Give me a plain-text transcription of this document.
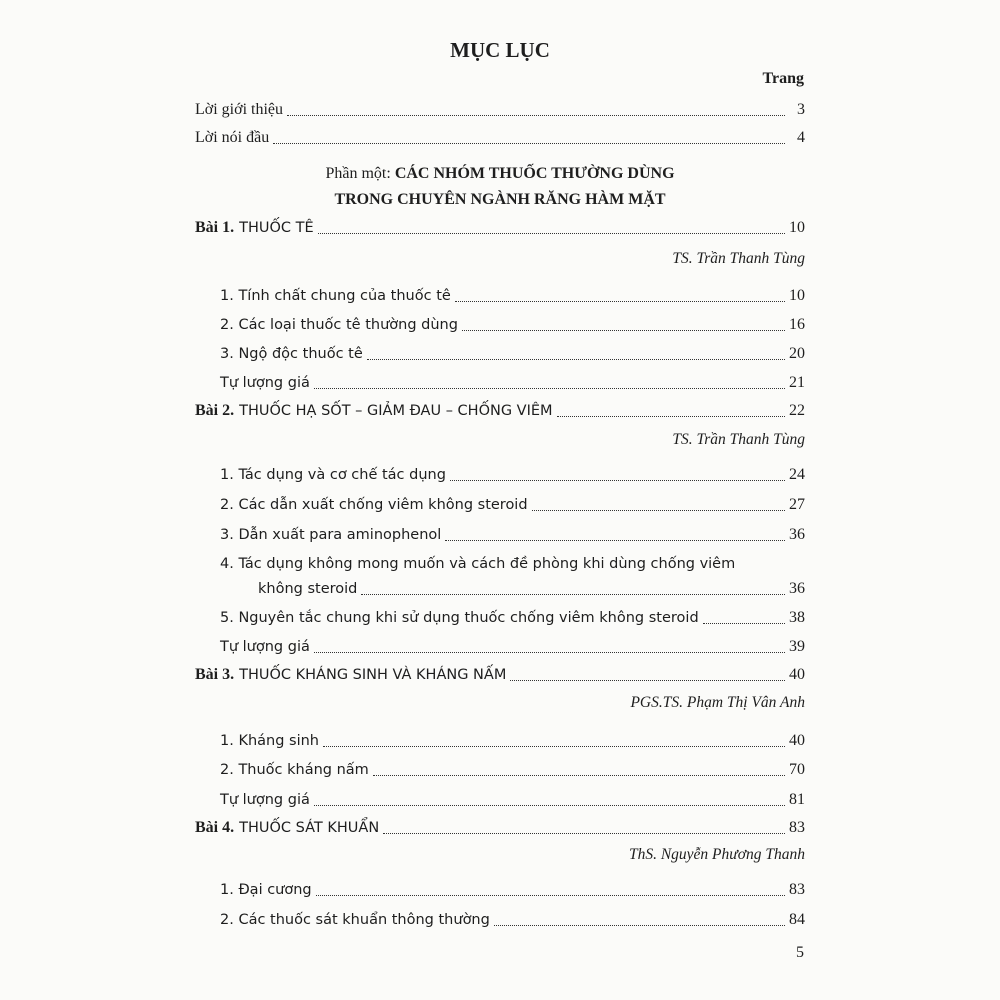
MỤC LỤC
Trang
Lời giới thiệu	3
Lời nói đầu	4
Phần một: CÁC NHÓM THUỐC THƯỜNG DÙNG
TRONG CHUYÊN NGÀNH RĂNG HÀM MẶT
Bài 1. THUỐC TÊ	10
TS. Trần Thanh Tùng
1. Tính chất chung của thuốc tê	10
2. Các loại thuốc tê thường dùng	16
3. Ngộ độc thuốc tê	20
Tự lượng giá	21
Bài 2. THUỐC HẠ SỐT – GIẢM ĐAU – CHỐNG VIÊM	22
TS. Trần Thanh Tùng
1. Tác dụng và cơ chế tác dụng	24
2. Các dẫn xuất chống viêm không steroid	27
3. Dẫn xuất para aminophenol	36
4. Tác dụng không mong muốn và cách đề phòng khi dùng chống viêm
không steroid	36
5. Nguyên tắc chung khi sử dụng thuốc chống viêm không steroid	38
Tự lượng giá	39
Bài 3. THUỐC KHÁNG SINH VÀ KHÁNG NẤM	40
PGS.TS. Phạm Thị Vân Anh
1. Kháng sinh	40
2. Thuốc kháng nấm	70
Tự lượng giá	81
Bài 4. THUỐC SÁT KHUẨN	83
ThS. Nguyễn Phương Thanh
1. Đại cương	83
2. Các thuốc sát khuẩn thông thường	84
5
